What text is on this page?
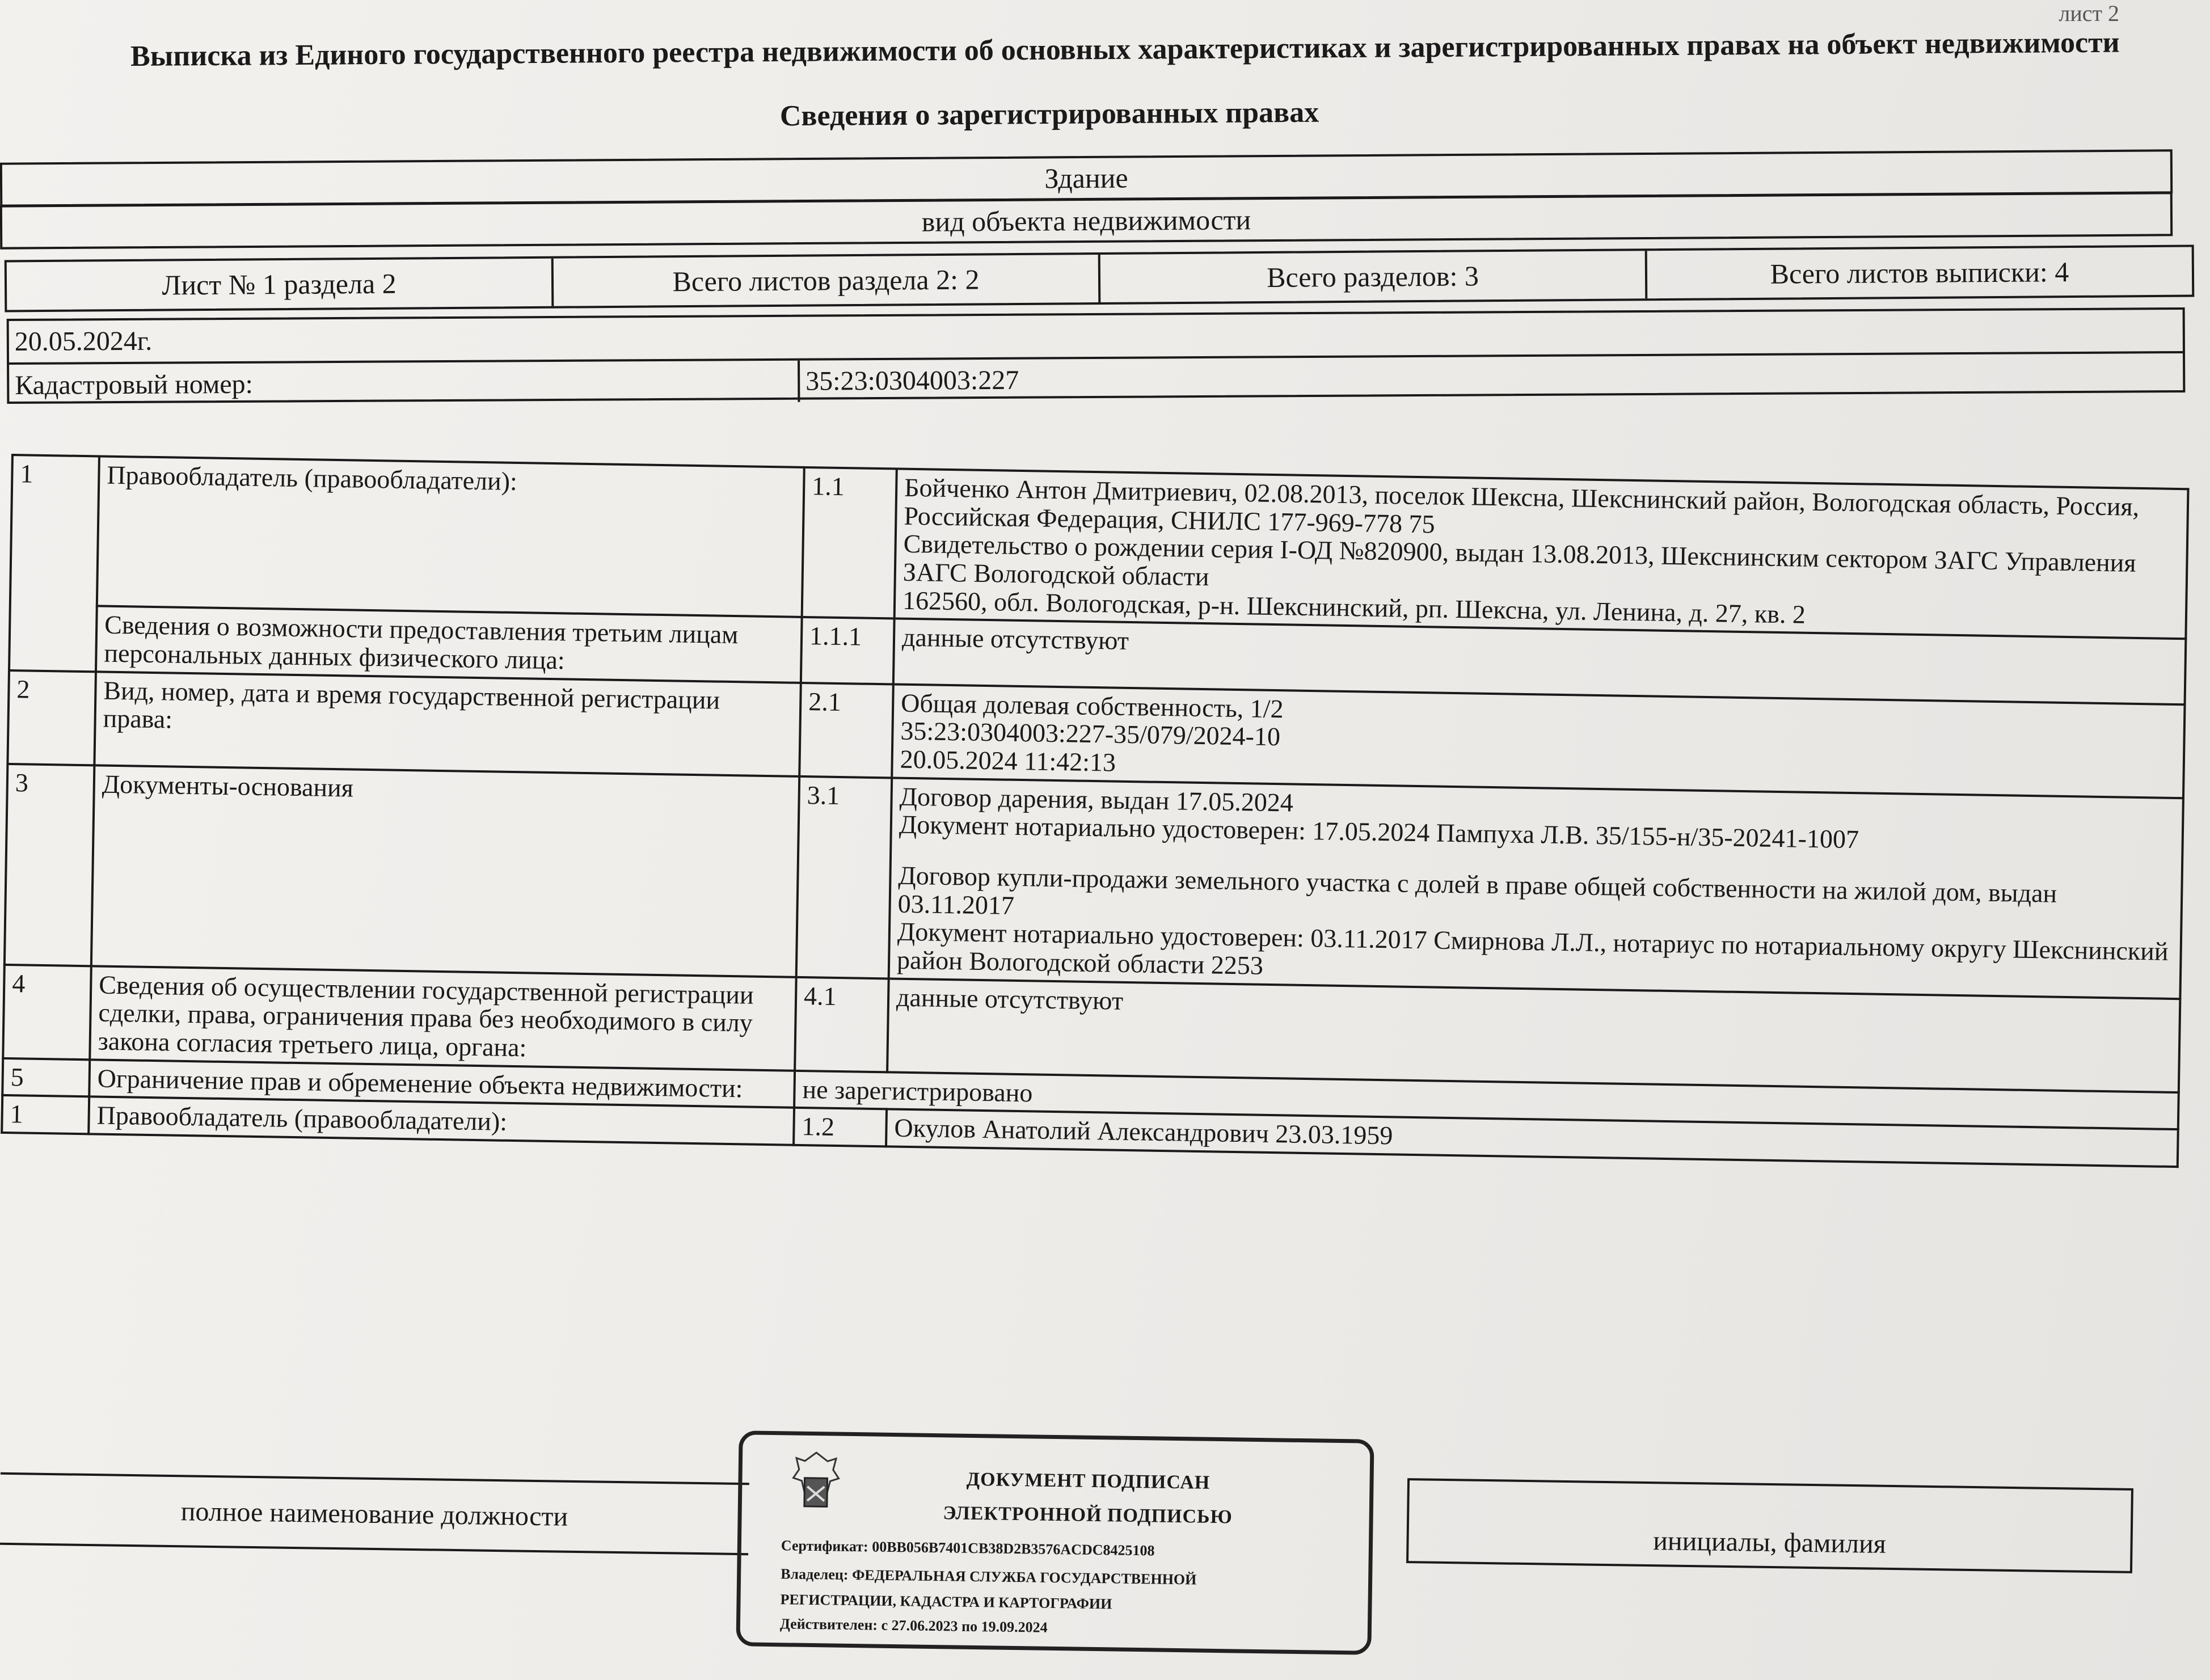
лист 2
Выписка из Единого государственного реестра недвижимости об основных характеристиках и зарегистрированных правах на объект недвижимости
Сведения о зарегистрированных правах
Здание
вид объекта недвижимости
Лист № 1 раздела 2	Всего листов раздела 2: 2	Всего разделов: 3	Всего листов выписки: 4
20.05.2024г.
Кадастровый номер:	35:23:0304003:227
1	Правообладатель (правообладатели):	1.1	Бойченко Антон Дмитриевич, 02.08.2013, поселок Шексна, Шекснинский район, Вологодская область, Россия, Российская Федерация, СНИЛС 177-969-778 75

Свидетельство о рождении серия I-ОД №820900, выдан 13.08.2013, Шекснинским сектором ЗАГС Управления ЗАГС Вологодской области

162560, обл. Вологодская, р-н. Шекснинский, рп. Шексна, ул. Ленина, д. 27, кв. 2

	Сведения о возможности предоставления третьим лицам персональных данных физического лица:	1.1.1	данные отсутствуют
2	Вид, номер, дата и время государственной регистрации права:	2.1	Общая долевая собственность, 1/2

35:23:0304003:227-35/079/2024-10

20.05.2024 11:42:13

3	Документы-основания	3.1	Договор дарения, выдан 17.05.2024

Документ нотариально удостоверен: 17.05.2024 Пампуха Л.В. 35/155-н/35-20241-1007

Договор купли-продажи земельного участка с долей в праве общей собственности на жилой дом, выдан 03.11.2017

Документ нотариально удостоверен: 03.11.2017 Смирнова Л.Л., нотариус по нотариальному округу Шекснинский район Вологодской области 2253

4	Сведения об осуществлении государственной регистрации сделки, права, ограничения права без необходимого в силу закона согласия третьего лица, органа:	4.1	данные отсутствуют
5	Ограничение прав и обременение объекта недвижимости:	не зарегистрировано	
1	Правообладатель (правообладатели):	1.2	Окулов Анатолий Александрович 23.03.1959
полное наименование должности
ДОКУМЕНТ ПОДПИСАН
ЭЛЕКТРОННОЙ ПОДПИСЬЮ
Сертификат: 00BB056B7401CB38D2B3576ACDC8425108
Владелец: ФЕДЕРАЛЬНАЯ СЛУЖБА ГОСУДАРСТВЕННОЙ
РЕГИСТРАЦИИ, КАДАСТРА И КАРТОГРАФИИ
Действителен: с 27.06.2023 по 19.09.2024
инициалы, фамилия
